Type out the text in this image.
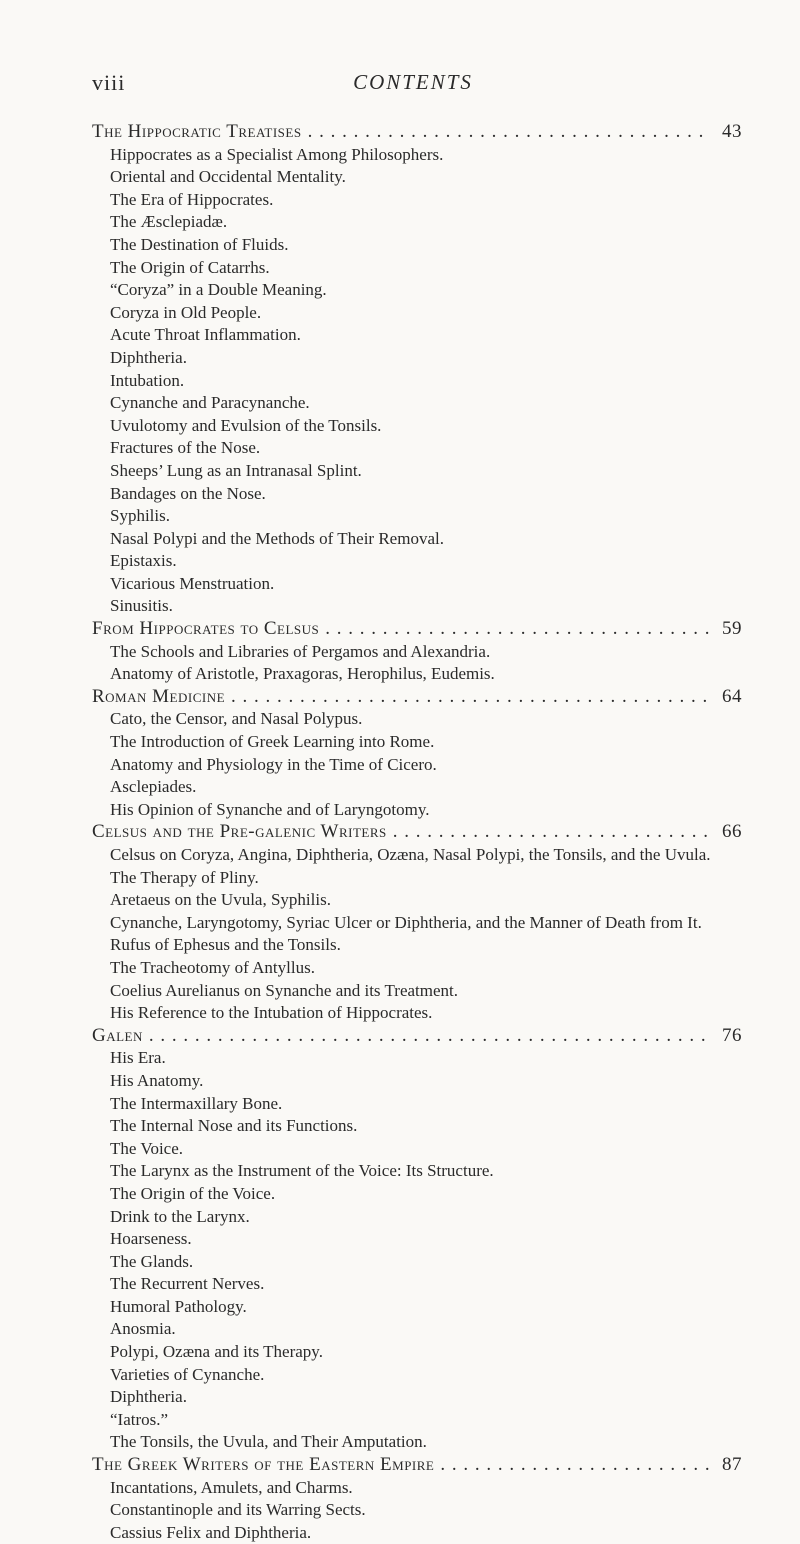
viii	CONTENTS
The Hippocratic Treatises . . .	43
Hippocrates as a Specialist Among Philosophers.
Oriental and Occidental Mentality.
The Era of Hippocrates.
The Æsclepiadæ.
The Destination of Fluids.
The Origin of Catarrhs.
“Coryza” in a Double Meaning.
Coryza in Old People.
Acute Throat Inflammation.
Diphtheria.
Intubation.
Cynanche and Paracynanche.
Uvulotomy and Evulsion of the Tonsils.
Fractures of the Nose.
Sheeps’ Lung as an Intranasal Splint.
Bandages on the Nose.
Syphilis.
Nasal Polypi and the Methods of Their Removal.
Epistaxis.
Vicarious Menstruation.
Sinusitis.
From Hippocrates to Celsus . . .	59
The Schools and Libraries of Pergamos and Alexandria.
Anatomy of Aristotle, Praxagoras, Herophilus, Eudemis.
Roman Medicine . . .	64
Cato, the Censor, and Nasal Polypus.
The Introduction of Greek Learning into Rome.
Anatomy and Physiology in the Time of Cicero.
Asclepiades.
His Opinion of Synanche and of Laryngotomy.
Celsus and the Pre-galenic Writers . . .	66
Celsus on Coryza, Angina, Diphtheria, Ozæna, Nasal Polypi, the Tonsils, and the Uvula.
The Therapy of Pliny.
Aretaeus on the Uvula, Syphilis.
Cynanche, Laryngotomy, Syriac Ulcer or Diphtheria, and the Manner of Death from It.
Rufus of Ephesus and the Tonsils.
The Tracheotomy of Antyllus.
Coelius Aurelianus on Synanche and its Treatment.
His Reference to the Intubation of Hippocrates.
Galen . . .	76
His Era.
His Anatomy.
The Intermaxillary Bone.
The Internal Nose and its Functions.
The Voice.
The Larynx as the Instrument of the Voice: Its Structure.
The Origin of the Voice.
Drink to the Larynx.
Hoarseness.
The Glands.
The Recurrent Nerves.
Humoral Pathology.
Anosmia.
Polypi, Ozæna and its Therapy.
Varieties of Cynanche.
Diphtheria.
“Iatros.”
The Tonsils, the Uvula, and Their Amputation.
The Greek Writers of the Eastern Empire . . .	87
Incantations, Amulets, and Charms.
Constantinople and its Warring Sects.
Cassius Felix and Diphtheria.
